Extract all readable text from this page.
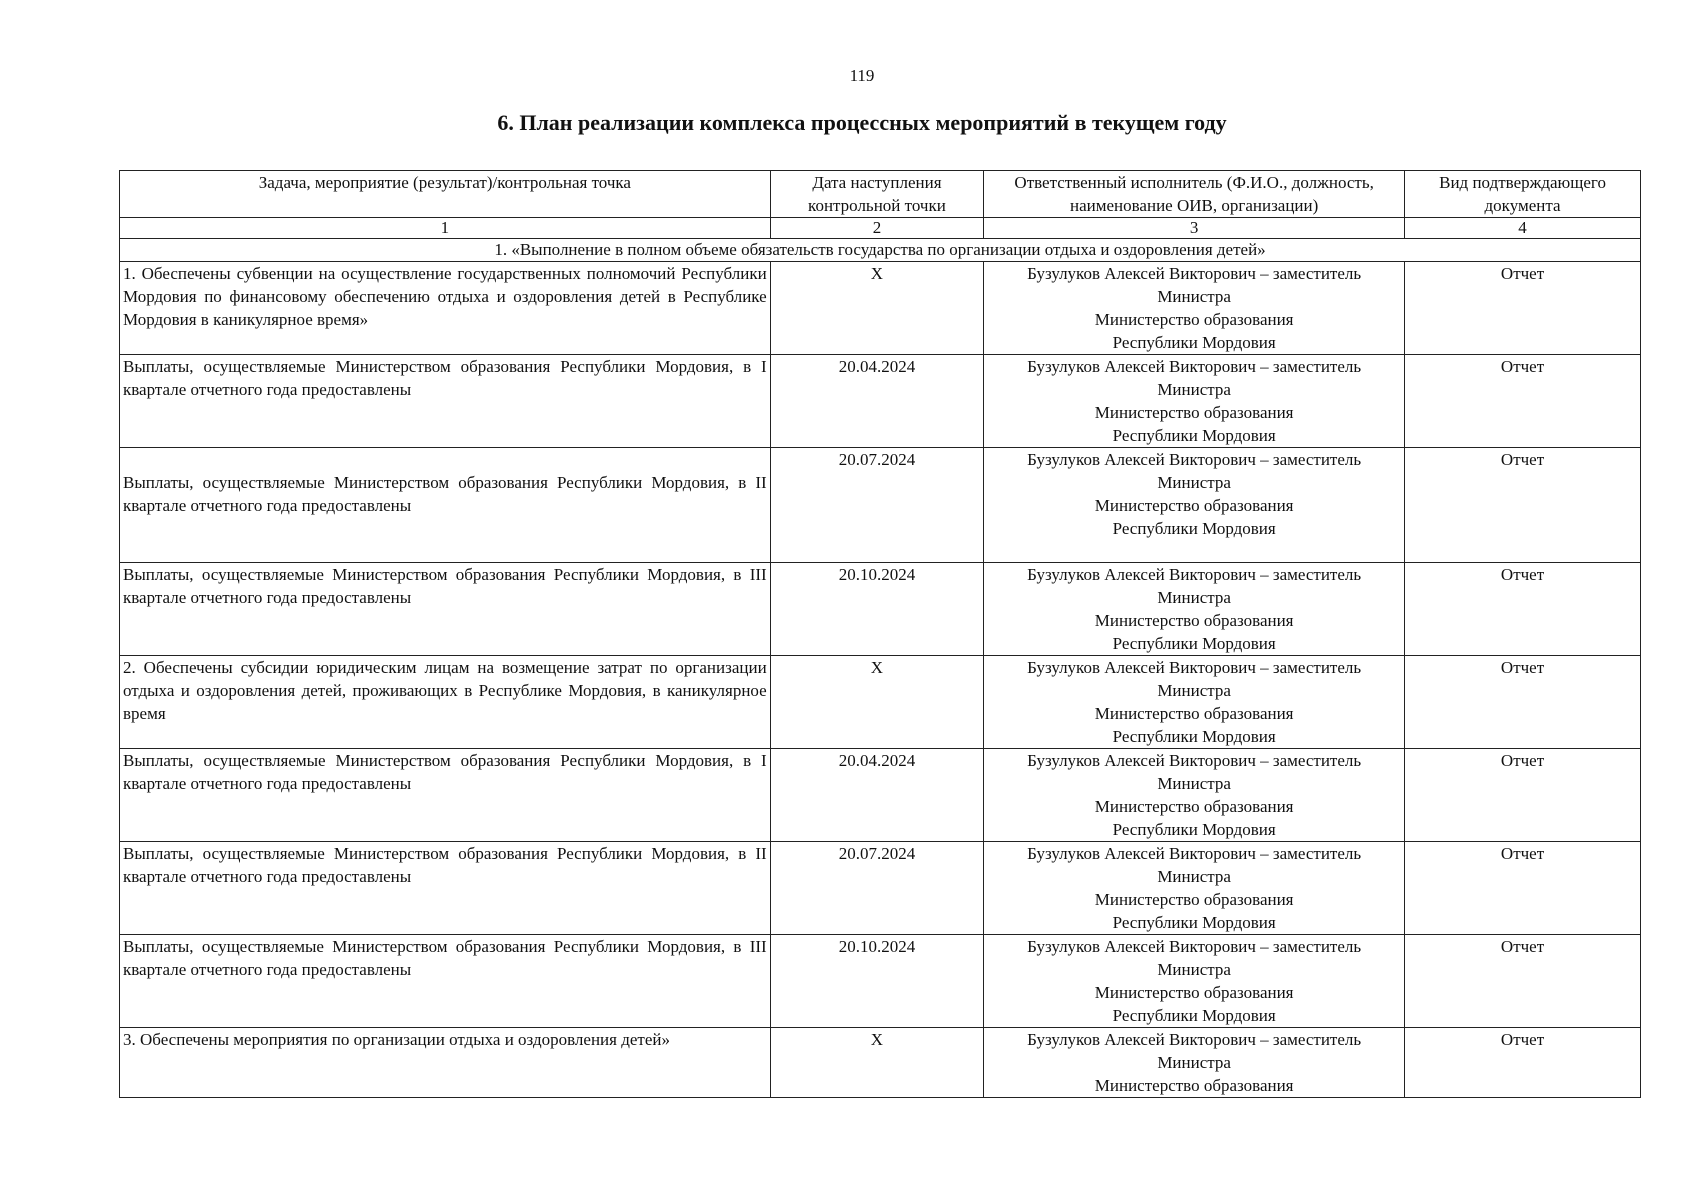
119
6. План реализации комплекса процессных мероприятий в текущем году
Задача, мероприятие (результат)/контрольная точка	Дата наступления контрольной точки	Ответственный исполнитель (Ф.И.О., должность, наименование ОИВ, организации)	Вид подтверждающего документа
1	2	3	4
1. «Выполнение в полном объеме обязательств государства по организации отдыха и оздоровления детей»			
1. Обеспечены субвенции на осуществление государственных полномочий Республики Мордовия по финансовому обеспечению отдыха и оздоровления детей в Республике Мордовия в каникулярное время»	X	Бузулуков Алексей Викторович – заместитель
Министра
Министерство образования
Республики Мордовия	Отчет
Выплаты, осуществляемые Министерством образования Республики Мордовия, в I квартале отчетного года предоставлены	20.04.2024	Бузулуков Алексей Викторович – заместитель
Министра
Министерство образования
Республики Мордовия	Отчет
Выплаты, осуществляемые Министерством образования Республики Мордовия, в II квартале отчетного года предоставлены	20.07.2024	Бузулуков Алексей Викторович – заместитель
Министра
Министерство образования
Республики Мордовия	Отчет
Выплаты, осуществляемые Министерством образования Республики Мордовия, в III квартале отчетного года предоставлены	20.10.2024	Бузулуков Алексей Викторович – заместитель
Министра
Министерство образования
Республики Мордовия	Отчет
2. Обеспечены субсидии юридическим лицам на возмещение затрат по организации отдыха и оздоровления детей, проживающих в Республике Мордовия, в каникулярное время	X	Бузулуков Алексей Викторович – заместитель
Министра
Министерство образования
Республики Мордовия	Отчет
Выплаты, осуществляемые Министерством образования Республики Мордовия, в I квартале отчетного года предоставлены	20.04.2024	Бузулуков Алексей Викторович – заместитель
Министра
Министерство образования
Республики Мордовия	Отчет
Выплаты, осуществляемые Министерством образования Республики Мордовия, в II квартале отчетного года предоставлены	20.07.2024	Бузулуков Алексей Викторович – заместитель
Министра
Министерство образования
Республики Мордовия	Отчет
Выплаты, осуществляемые Министерством образования Республики Мордовия, в III квартале отчетного года предоставлены	20.10.2024	Бузулуков Алексей Викторович – заместитель
Министра
Министерство образования
Республики Мордовия	Отчет
3. Обеспечены мероприятия по организации отдыха и оздоровления детей»	X	Бузулуков Алексей Викторович – заместитель
Министра
Министерство образования	Отчет
